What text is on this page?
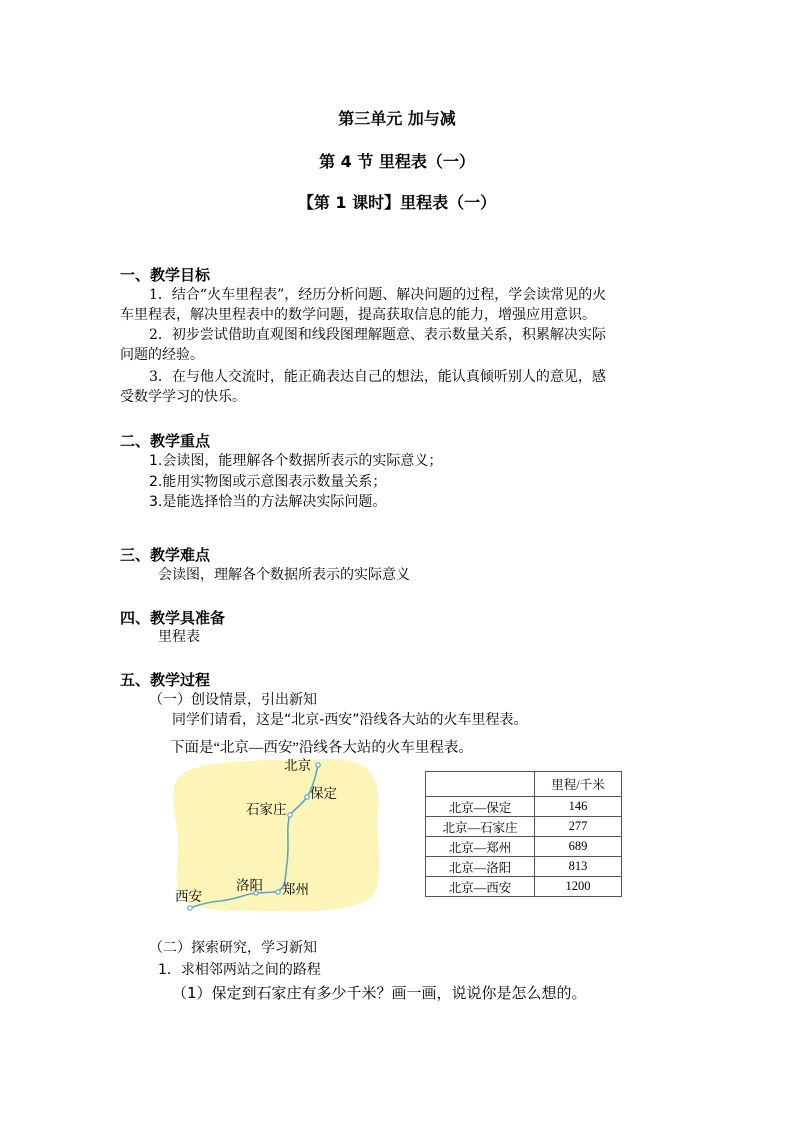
第三单元 加与减
第 4 节 里程表（一）
【第 1 课时】里程表（一）
一、教学目标
1．结合“火车里程表”，经历分析问题、解决问题的过程，学会读常见的火
车里程表，解决里程表中的数学问题，提高获取信息的能力，增强应用意识。
2．初步尝试借助直观图和线段图理解题意、表示数量关系，积累解决实际
问题的经验。
3．在与他人交流时，能正确表达自己的想法，能认真倾听别人的意见，感
受数学学习的快乐。
二、教学重点
1.会读图，能理解各个数据所表示的实际意义；
2.能用实物图或示意图表示数量关系；
3.是能选择恰当的方法解决实际问题。
三、教学难点
会读图，理解各个数据所表示的实际意义
四、教学具准备
里程表
五、教学过程
（一）创设情景，引出新知
同学们请看，这是“北京-西安”沿线各大站的火车里程表。
下面是“北京—西安”沿线各大站的火车里程表。
北京
保定
石家庄
郑州
洛阳
西安
	里程/千米
北京—保定	146
北京—石家庄	277
北京—郑州	689
北京—洛阳	813
北京—西安	1200
（二）探索研究，学习新知
1．求相邻两站之间的路程
（1）保定到石家庄有多少千米？画一画，说说你是怎么想的。
